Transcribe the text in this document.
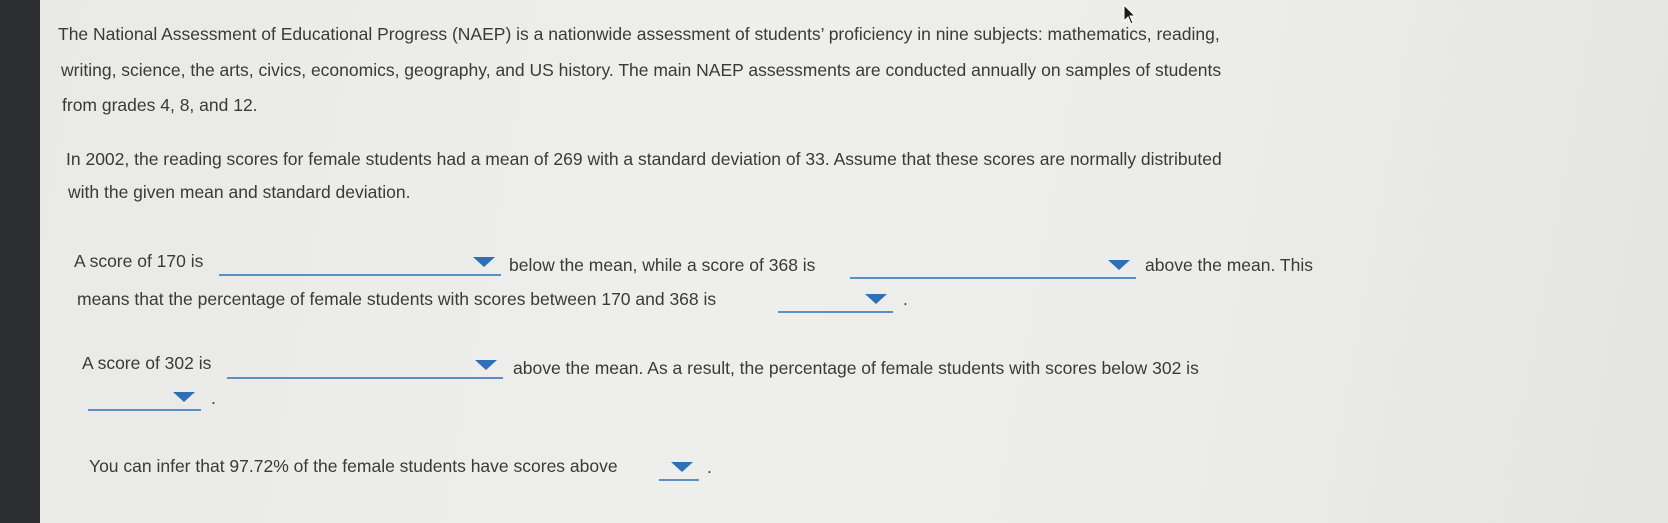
The National Assessment of Educational Progress (NAEP) is a nationwide assessment of students’ proficiency in nine subjects: mathematics, reading,
writing, science, the arts, civics, economics, geography, and US history. The main NAEP assessments are conducted annually on samples of students
from grades 4, 8, and 12.
In 2002, the reading scores for female students had a mean of 269 with a standard deviation of 33. Assume that these scores are normally distributed
with the given mean and standard deviation.
A score of 170 is	below the mean, while a score of 368 is	above the mean. This
means that the percentage of female students with scores between 170 and 368 is	.
A score of 302 is	above the mean. As a result, the percentage of female students with scores below 302 is
.
You can infer that 97.72% of the female students have scores above	.
